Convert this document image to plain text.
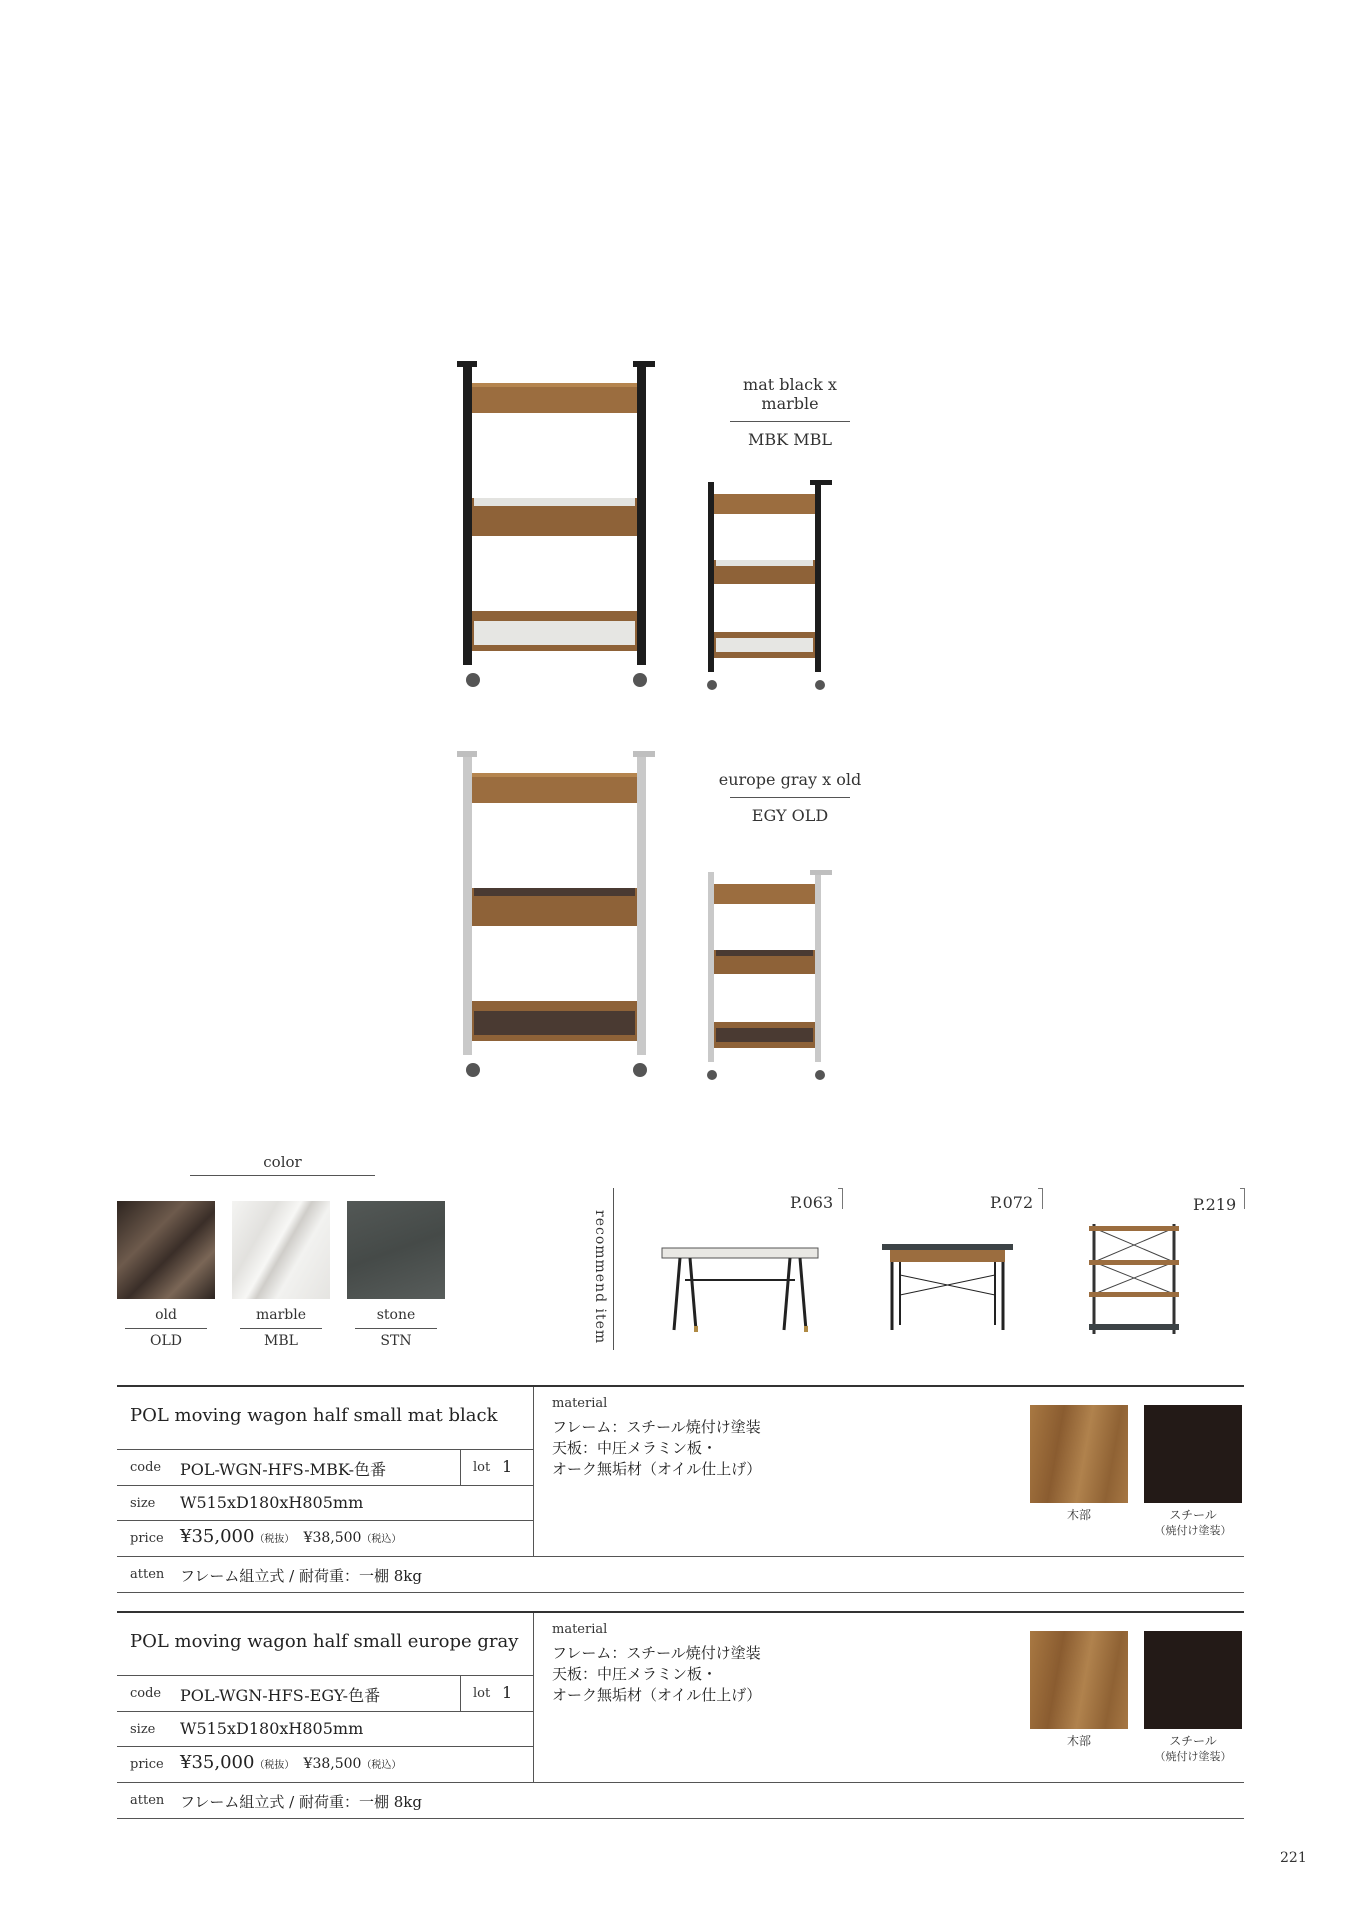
mat black x marble
MBK MBL
europe gray x old
EGY OLD
color
old
OLD
marble
MBL
stone
STN	recommend item
P.063	P.072	P.219
POL moving wagon half small mat black
code POL-WGN-HFS-MBK-色番	lot 1
size W515xD180xH805mm
price ¥35,000（税抜） ¥38,500（税込）
atten フレーム組立式 / 耐荷重：一棚 8kg
material
フレーム：スチール焼付け塗装
天板：中圧メラミン板・
オーク無垢材（オイル仕上げ）
木部	スチール
（焼付け塗装）
POL moving wagon half small europe gray
code POL-WGN-HFS-EGY-色番	lot 1
size W515xD180xH805mm
price ¥35,000（税抜） ¥38,500（税込）
atten フレーム組立式 / 耐荷重：一棚 8kg
material
フレーム：スチール焼付け塗装
天板：中圧メラミン板・
オーク無垢材（オイル仕上げ）
木部	スチール
（焼付け塗装）
221
